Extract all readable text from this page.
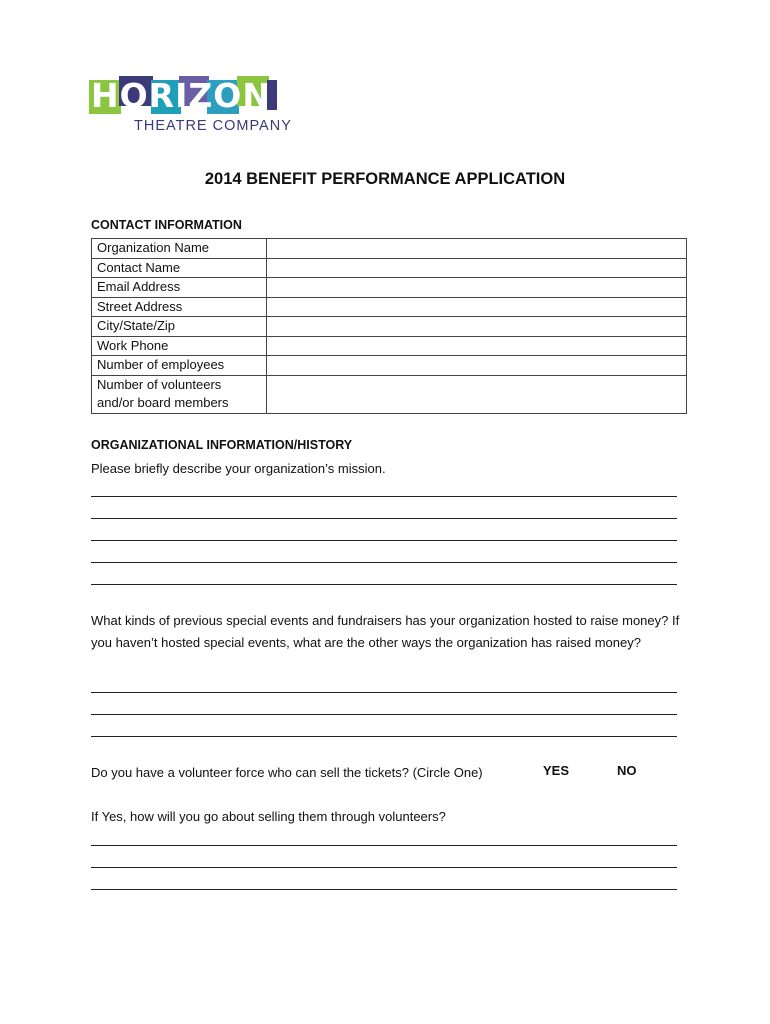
HORIZON
THEATRE COMPANY
2014 BENEFIT PERFORMANCE APPLICATION
CONTACT INFORMATION
Organization Name	
Contact Name	
Email Address	
Street Address	
City/State/Zip	
Work Phone	
Number of employees	
Number of volunteers and/or board members	
ORGANIZATIONAL INFORMATION/HISTORY
Please briefly describe your organization’s mission.
What kinds of previous special events and fundraisers has your organization hosted to raise money? If you haven’t hosted special events, what are the other ways the organization has raised money?
Do you have a volunteer force who can sell the tickets? (Circle One)	YES	NO
If Yes, how will you go about selling them through volunteers?
